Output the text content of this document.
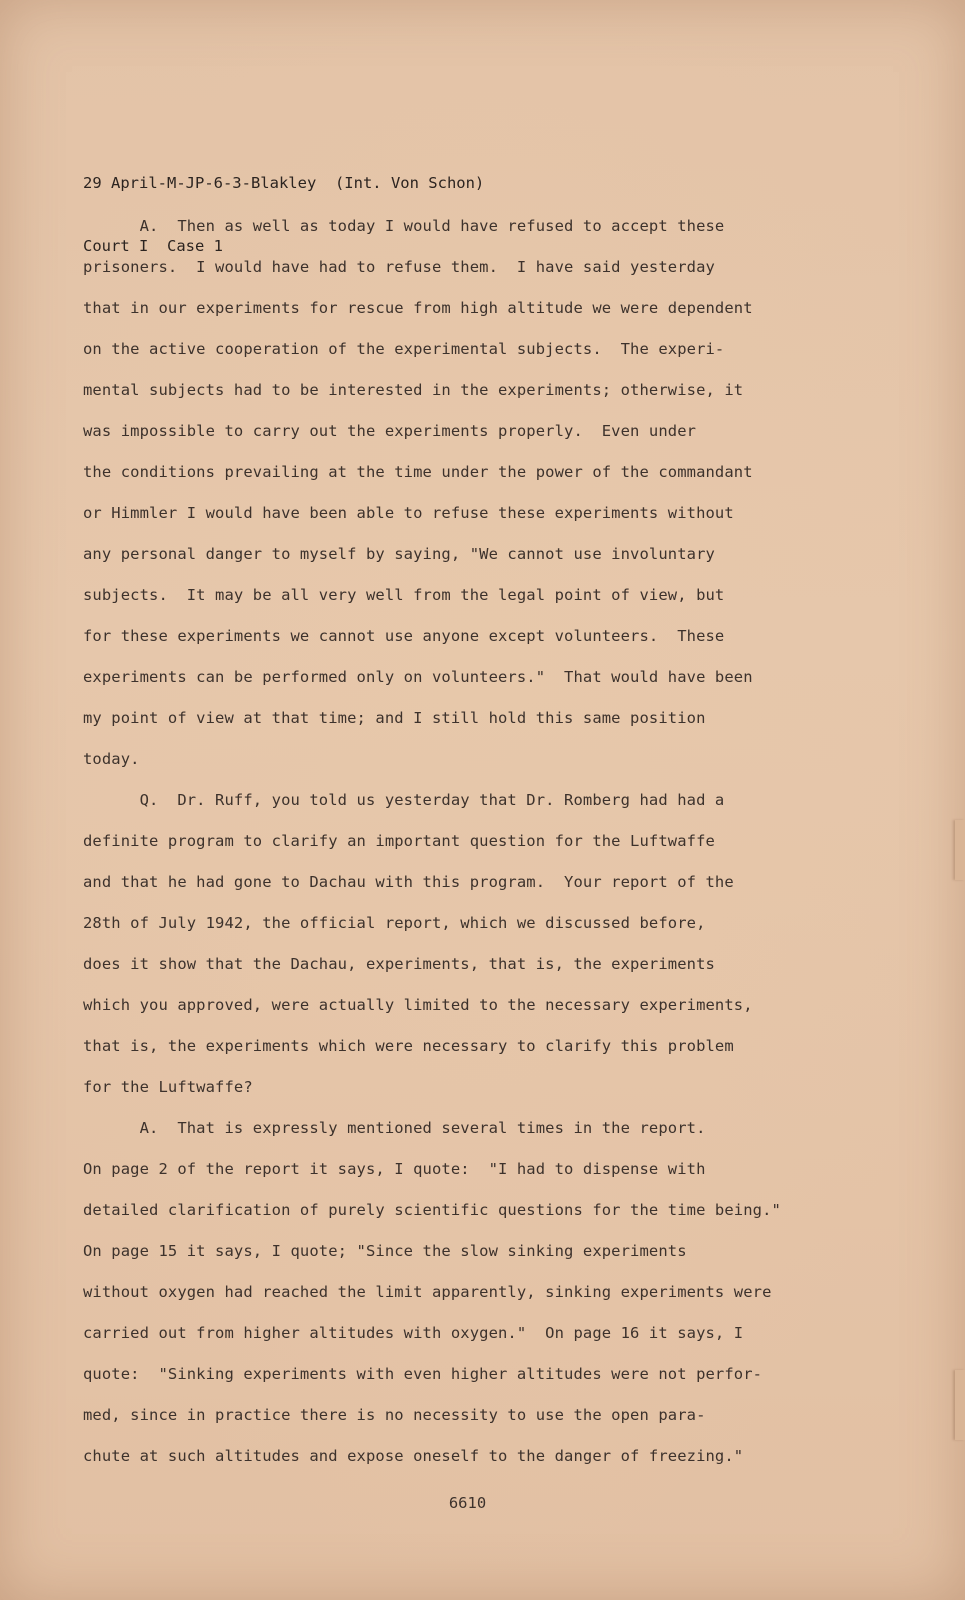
29 April-M-JP-6-3-Blakley  (Int. Von Schon)

Court I  Case 1

A.  Then as well as today I would have refused to accept these
prisoners.  I would have had to refuse them.  I have said yesterday
that in our experiments for rescue from high altitude we were dependent
on the active cooperation of the experimental subjects.  The experi-
mental subjects had to be interested in the experiments; otherwise, it
was impossible to carry out the experiments properly.  Even under
the conditions prevailing at the time under the power of the commandant
or Himmler I would have been able to refuse these experiments without
any personal danger to myself by saying, "We cannot use involuntary
subjects.  It may be all very well from the legal point of view, but
for these experiments we cannot use anyone except volunteers.  These
experiments can be performed only on volunteers."  That would have been
my point of view at that time; and I still hold this same position
today.
Q.  Dr. Ruff, you told us yesterday that Dr. Romberg had had a
definite program to clarify an important question for the Luftwaffe
and that he had gone to Dachau with this program.  Your report of the
28th of July 1942, the official report, which we discussed before,
does it show that the Dachau, experiments, that is, the experiments
which you approved, were actually limited to the necessary experiments,
that is, the experiments which were necessary to clarify this problem
for the Luftwaffe?
A.  That is expressly mentioned several times in the report.
On page 2 of the report it says, I quote:  "I had to dispense with
detailed clarification of purely scientific questions for the time being."
On page 15 it says, I quote; "Since the slow sinking experiments
without oxygen had reached the limit apparently, sinking experiments were
carried out from higher altitudes with oxygen."  On page 16 it says, I
quote:  "Sinking experiments with even higher altitudes were not perfor-
med, since in practice there is no necessity to use the open para-
chute at such altitudes and expose oneself to the danger of freezing."
6610
